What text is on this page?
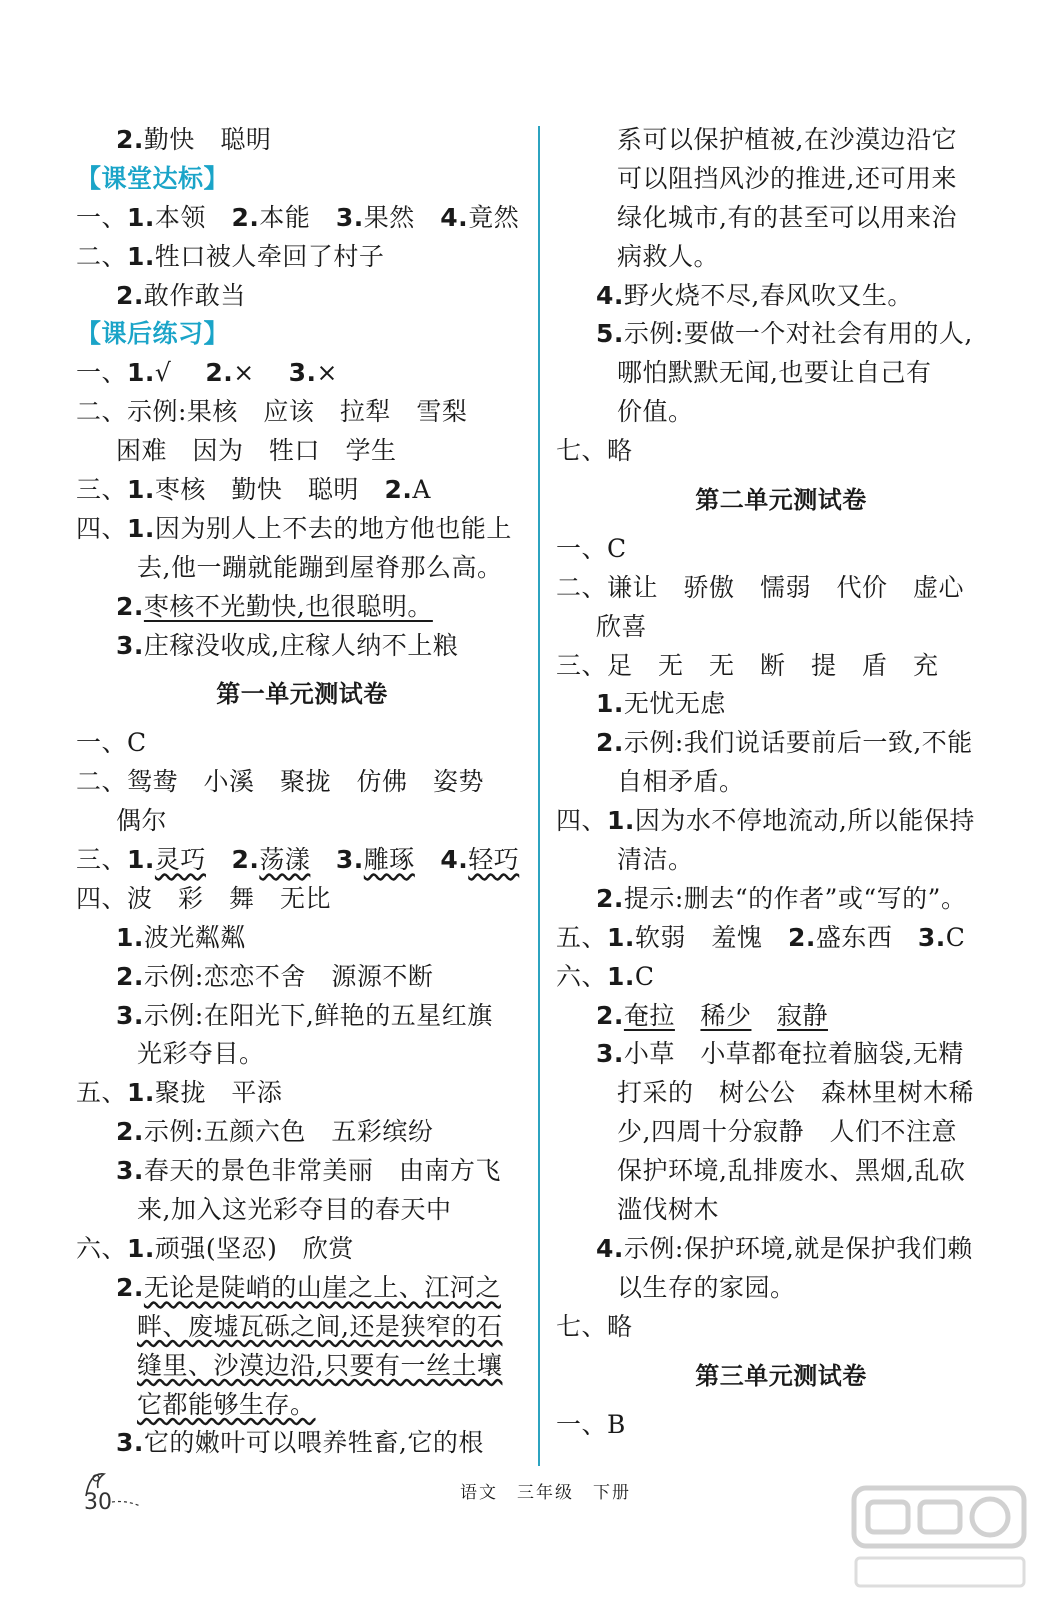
2.勤快　聪明
【课堂达标】
一、1.本领　2.本能　3.果然　4.竟然
二、1.牲口被人牵回了村子
2.敢作敢当
【课后练习】
一、1.√　 2.×　 3.×
二、示例:果核　应该　拉犁　雪梨
困难　因为　牲口　学生
三、1.枣核　勤快　聪明　2.A
四、1.因为别人上不去的地方他也能上
去,他一蹦就能蹦到屋脊那么高。
2.枣核不光勤快,也很聪明。
3.庄稼没收成,庄稼人纳不上粮
第一单元测试卷
一、C
二、鸳鸯　小溪　聚拢　仿佛　姿势
偶尔
三、1.灵巧　 2.荡漾　 3.雕琢　 4.轻巧
四、波　彩　舞　无比
1.波光粼粼
2.示例:恋恋不舍　源源不断
3.示例:在阳光下,鲜艳的五星红旗
光彩夺目。
五、1.聚拢　平添
2.示例:五颜六色　五彩缤纷
3.春天的景色非常美丽　由南方飞
来,加入这光彩夺目的春天中
六、1.顽强(坚忍)　欣赏
2.无论是陡峭的山崖之上、江河之
畔、废墟瓦砾之间,还是狭窄的石
缝里、沙漠边沿,只要有一丝土壤
它都能够生存。
3.它的嫩叶可以喂养牲畜,它的根
系可以保护植被,在沙漠边沿它
可以阻挡风沙的推进,还可用来
绿化城市,有的甚至可以用来治
病救人。
4.野火烧不尽,春风吹又生。
5.示例:要做一个对社会有用的人,
哪怕默默无闻,也要让自己有
价值。
七、略
第二单元测试卷
一、C
二、谦让　骄傲　懦弱　代价　虚心
欣喜
三、足　无　无　断　提　盾　充
1.无忧无虑
2.示例:我们说话要前后一致,不能
自相矛盾。
四、1.因为水不停地流动,所以能保持
清洁。
2.提示:删去“的作者”或“写的”。
五、1.软弱　羞愧　2.盛东西　3.C
六、1.C
2.奄拉　 稀少　 寂静
3.小草　小草都奄拉着脑袋,无精
打采的　树公公　森林里树木稀
少,四周十分寂静　人们不注意
保护环境,乱排废水、黑烟,乱砍
滥伐树木
4.示例:保护环境,就是保护我们赖
以生存的家园。
七、略
第三单元测试卷
一、B
30	语文　三年级　下册
